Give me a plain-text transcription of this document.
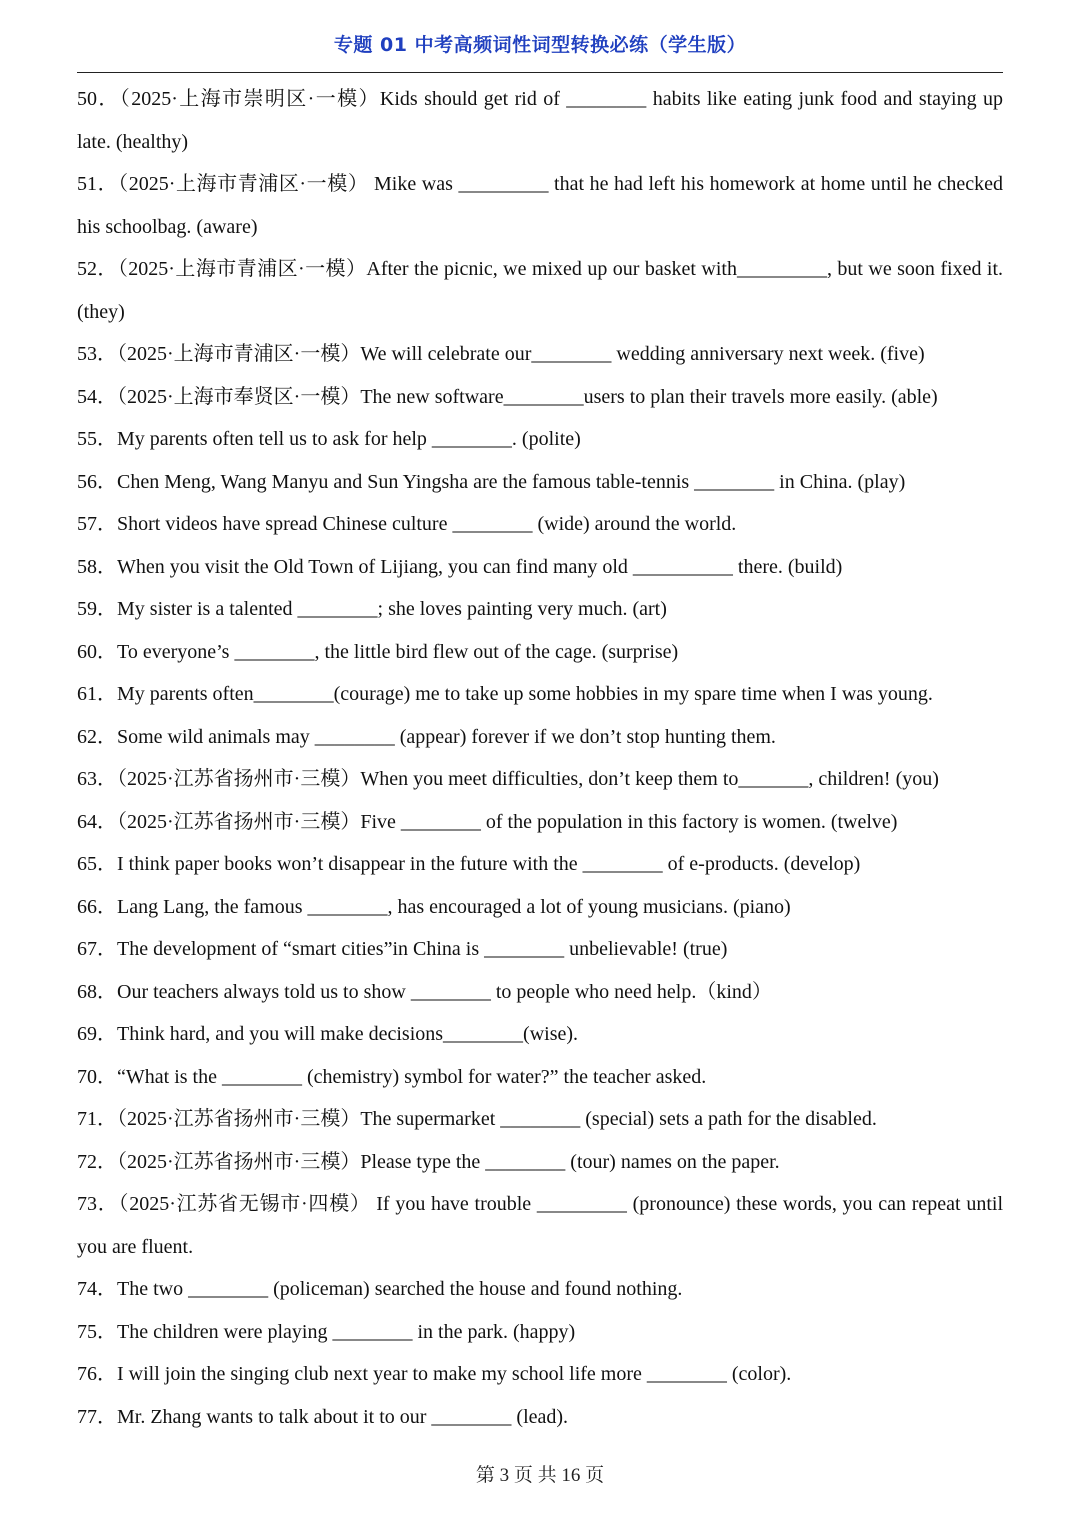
专题 01 中考高频词性词型转换必练（学生版）
50．（2025·上海市崇明区·一模）Kids should get rid of ________ habits like eating junk food and staying up late. (healthy)
51．（2025·上海市青浦区·一模） Mike was _________ that he had left his homework at home until he checked his schoolbag. (aware)
52．（2025·上海市青浦区·一模）After the picnic, we mixed up our basket with_________, but we soon fixed it. (they)
53．（2025·上海市青浦区·一模）We will celebrate our________ wedding anniversary next week. (five)
54．（2025·上海市奉贤区·一模）The new software________users to plan their travels more easily. (able)
55．My parents often tell us to ask for help ________. (polite)
56．Chen Meng, Wang Manyu and Sun Yingsha are the famous table-tennis ________ in China. (play)
57．Short videos have spread Chinese culture ________ (wide) around the world.
58．When you visit the Old Town of Lijiang, you can find many old __________ there. (build)
59．My sister is a talented ________; she loves painting very much. (art)
60．To everyone’s ________, the little bird flew out of the cage. (surprise)
61．My parents often________(courage) me to take up some hobbies in my spare time when I was young.
62．Some wild animals may ________ (appear) forever if we don’t stop hunting them.
63．（2025·江苏省扬州市·三模）When you meet difficulties, don’t keep them to_______, children! (you)
64．（2025·江苏省扬州市·三模）Five ________ of the population in this factory is women. (twelve)
65．I think paper books won’t disappear in the future with the ________ of e-products. (develop)
66．Lang Lang, the famous ________, has encouraged a lot of young musicians. (piano)
67．The development of “smart cities”in China is ________ unbelievable! (true)
68．Our teachers always told us to show ________ to people who need help.（kind）
69．Think hard, and you will make decisions________(wise).
70．“What is the ________ (chemistry) symbol for water?” the teacher asked.
71．（2025·江苏省扬州市·三模）The supermarket ________ (special) sets a path for the disabled.
72．（2025·江苏省扬州市·三模）Please type the ________ (tour) names on the paper.
73．（2025·江苏省无锡市·四模） If you have trouble _________ (pronounce) these words, you can repeat until you are fluent.
74．The two ________ (policeman) searched the house and found nothing.
75．The children were playing ________ in the park. (happy)
76．I will join the singing club next year to make my school life more ________ (color).
77．Mr. Zhang wants to talk about it to our ________ (lead).
第 3 页 共 16 页
